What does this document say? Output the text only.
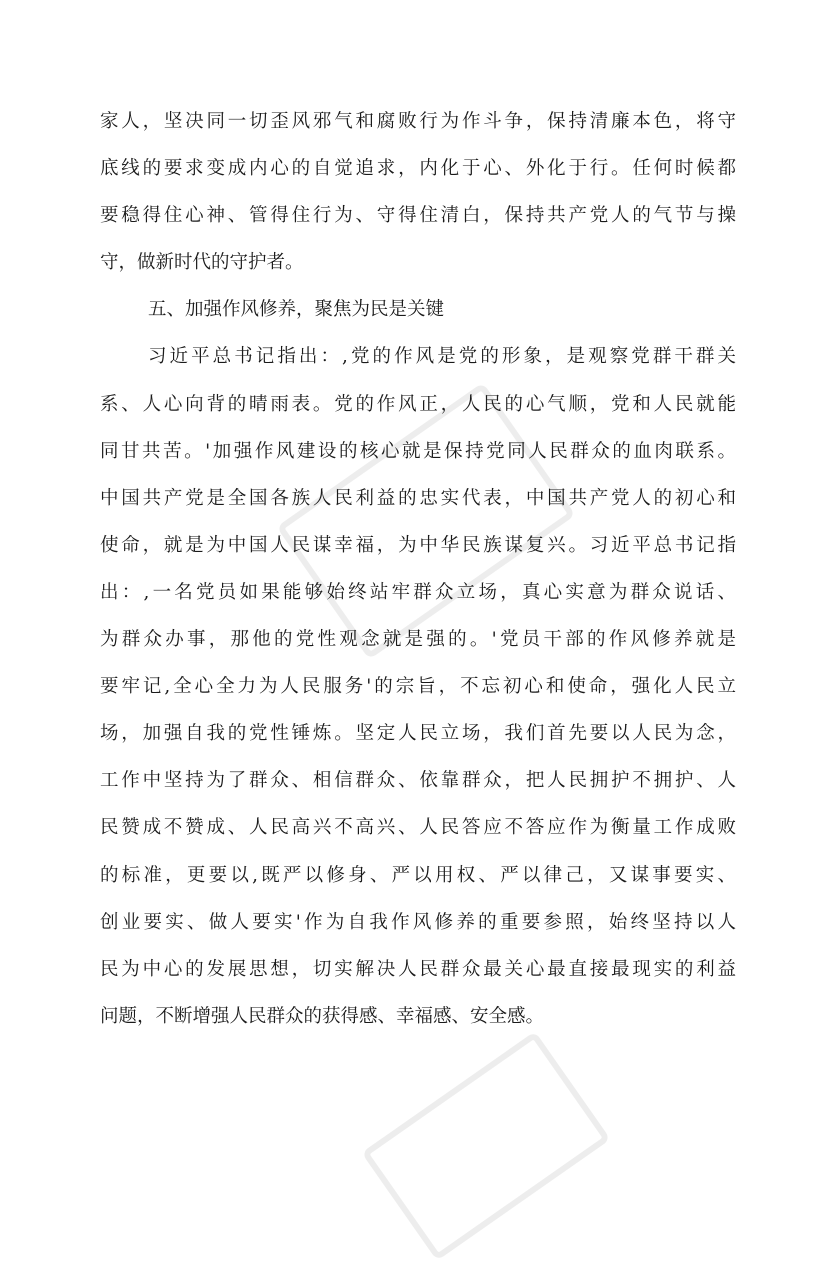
家人，坚决同一切歪风邪气和腐败行为作斗争，保持清廉本色，将守
底线的要求变成内心的自觉追求，内化于心、外化于行。任何时候都
要稳得住心神、管得住行为、守得住清白，保持共产党人的气节与操
守，做新时代的守护者。
五、加强作风修养，聚焦为民是关键
习近平总书记指出：,党的作风是党的形象，是观察党群干群关
系、人心向背的晴雨表。党的作风正，人民的心气顺，党和人民就能
同甘共苦。'加强作风建设的核心就是保持党同人民群众的血肉联系。
中国共产党是全国各族人民利益的忠实代表，中国共产党人的初心和
使命，就是为中国人民谋幸福，为中华民族谋复兴。习近平总书记指
出：,一名党员如果能够始终站牢群众立场，真心实意为群众说话、
为群众办事，那他的党性观念就是强的。'党员干部的作风修养就是
要牢记,全心全力为人民服务'的宗旨，不忘初心和使命，强化人民立
场，加强自我的党性锤炼。坚定人民立场，我们首先要以人民为念，
工作中坚持为了群众、相信群众、依靠群众，把人民拥护不拥护、人
民赞成不赞成、人民高兴不高兴、人民答应不答应作为衡量工作成败
的标准，更要以,既严以修身、严以用权、严以律己，又谋事要实、
创业要实、做人要实'作为自我作风修养的重要参照，始终坚持以人
民为中心的发展思想，切实解决人民群众最关心最直接最现实的利益
问题，不断增强人民群众的获得感、幸福感、安全感。
